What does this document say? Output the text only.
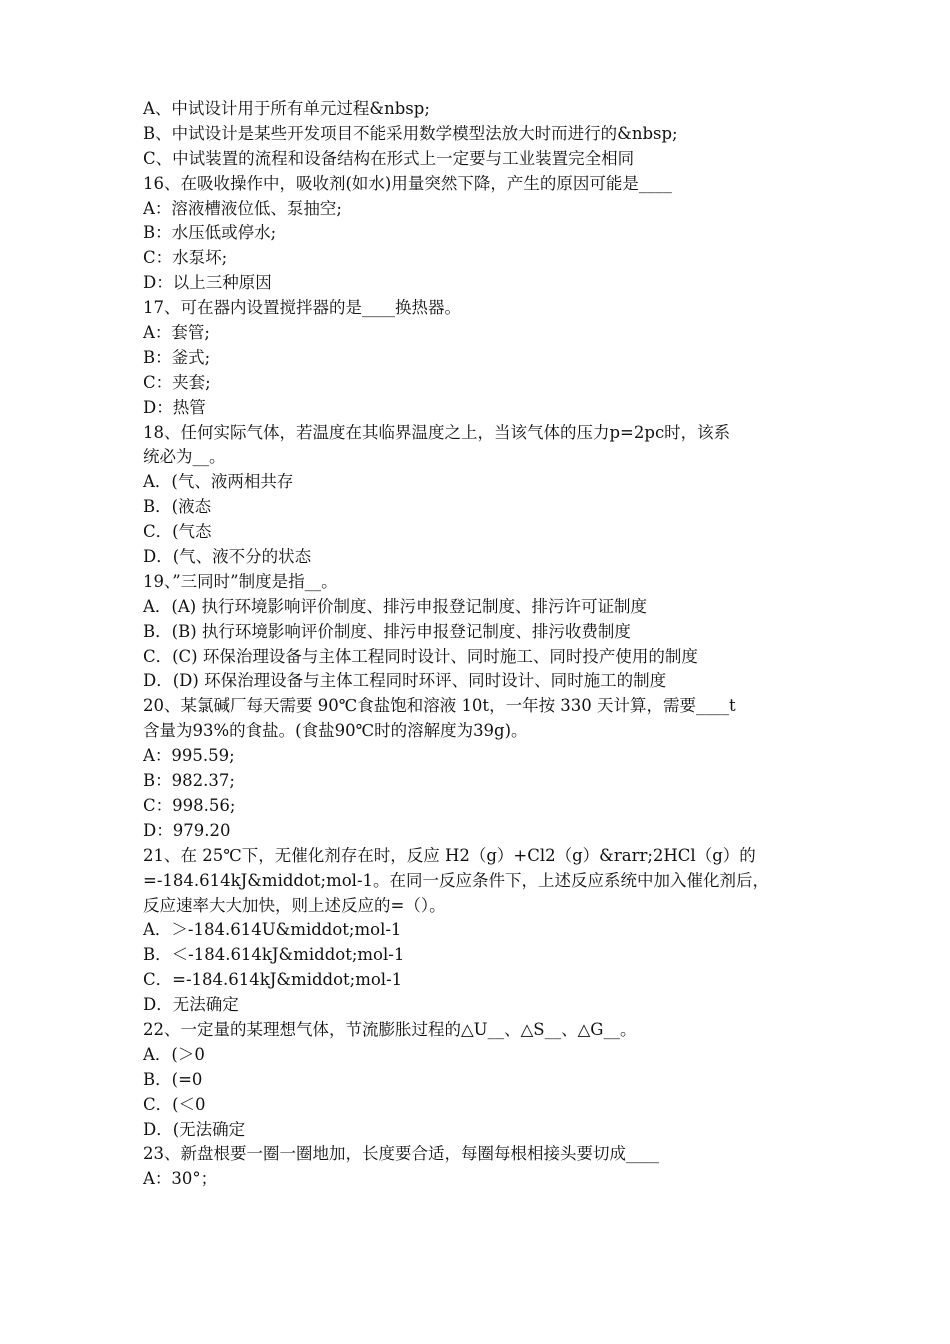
A、中试设计用于所有单元过程&nbsp;
B、中试设计是某些开发项目不能采用数学模型法放大时而进行的&nbsp;
C、中试装置的流程和设备结构在形式上一定要与工业装置完全相同
16、在吸收操作中，吸收剂(如水)用量突然下降，产生的原因可能是____
A：溶液槽液位低、泵抽空;
B：水压低或停水;
C：水泵坏;
D：以上三种原因
17、可在器内设置搅拌器的是____换热器。
A：套管;
B：釜式;
C：夹套;
D：热管
18、任何实际气体，若温度在其临界温度之上，当该气体的压力p=2pc时，该系
统必为__。
A．(气、液两相共存
B．(液态
C．(气态
D．(气、液不分的状态
19、”三同时”制度是指__。
A．(A) 执行环境影响评价制度、排污申报登记制度、排污许可证制度
B．(B) 执行环境影响评价制度、排污申报登记制度、排污收费制度
C．(C) 环保治理设备与主体工程同时设计、同时施工、同时投产使用的制度
D．(D) 环保治理设备与主体工程同时环评、同时设计、同时施工的制度
20、某氯碱厂每天需要 90℃食盐饱和溶液 10t，一年按 330 天计算，需要____t
含量为93%的食盐。(食盐90℃时的溶解度为39g)。
A：995.59;
B：982.37;
C：998.56;
D：979.20
21、在 25℃下，无催化剂存在时，反应 H2（g）+Cl2（g）&rarr;2HCl（g）的
=-184.614kJ&middot;mol-1。在同一反应条件下，上述反应系统中加入催化剂后，
反应速率大大加快，则上述反应的=（）。
A．＞-184.614U&middot;mol-1
B．＜-184.614kJ&middot;mol-1
C．=-184.614kJ&middot;mol-1
D．无法确定
22、一定量的某理想气体，节流膨胀过程的△U__、△S__、△G__。
A．(＞0
B．(=0
C．(＜0
D．(无法确定
23、新盘根要一圈一圈地加，长度要合适，每圈每根相接头要切成____
A：30°；
